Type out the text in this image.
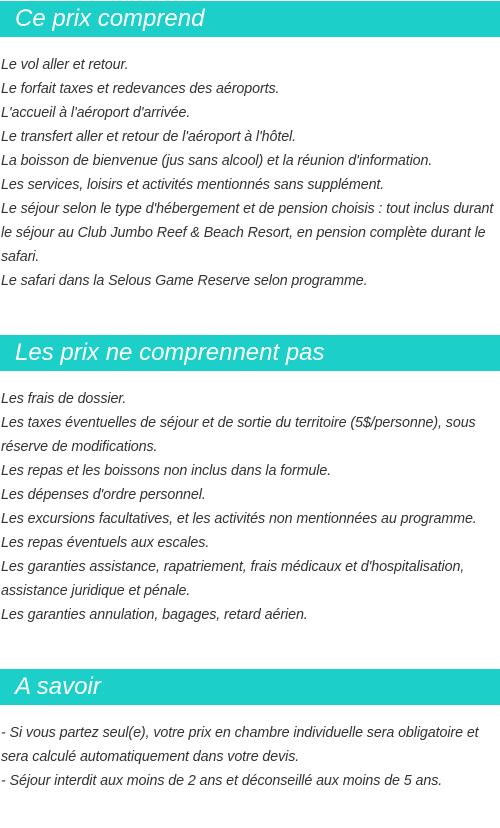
Ce prix comprend

Le vol aller et retour.

Le forfait taxes et redevances des aéroports.

L'accueil à l'aéroport d'arrivée.

Le transfert aller et retour de l'aéroport à l'hôtel.

La boisson de bienvenue (jus sans alcool) et la réunion d'information.

Les services, loisirs et activités mentionnés sans supplément.

Le séjour selon le type d'hébergement et de pension choisis : tout inclus durant le séjour au Club Jumbo Reef & Beach Resort, en pension complète durant le safari.

Le safari dans la Selous Game Reserve selon programme.

Les prix ne comprennent pas

Les frais de dossier.

Les taxes éventuelles de séjour et de sortie du territoire (5$/personne), sous réserve de modifications.

Les repas et les boissons non inclus dans la formule.

Les dépenses d'ordre personnel.

Les excursions facultatives, et les activités non mentionnées au programme.

Les repas éventuels aux escales.

Les garanties assistance, rapatriement, frais médicaux et d'hospitalisation, assistance juridique et pénale.

Les garanties annulation, bagages, retard aérien.

A savoir

- Si vous partez seul(e), votre prix en chambre individuelle sera obligatoire et sera calculé automatiquement dans votre devis.

- Séjour interdit aux moins de 2 ans et déconseillé aux moins de 5 ans.
